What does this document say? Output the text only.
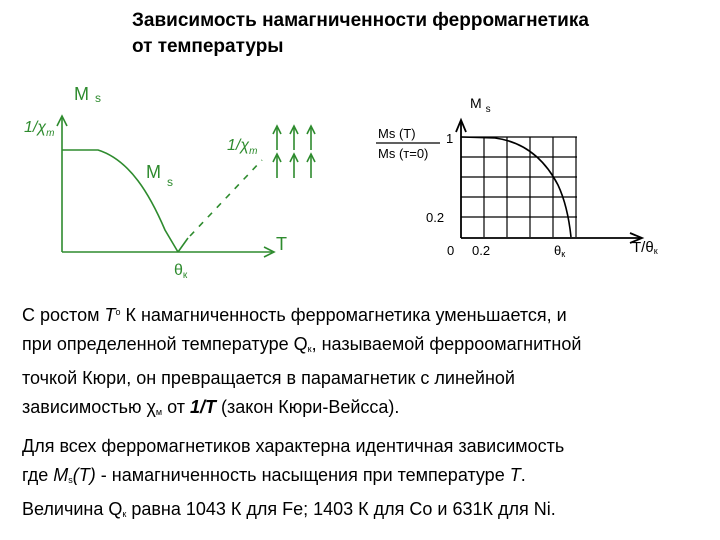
Зависимость намагниченности ферромагнетика
от температуры
Ms
$1/\chi_m$
M $_s$
$1/\chi_m$
T
θк
M $_s$
Ms (T)
Ms (т=0)
1
0.2
0 0.2	θк	T/θк
С ростом $T^o$ К намагниченность ферромагнетика уменьшается, и
при определенной температуре $Q_к$, называемой ферроомагнитной
точкой Кюри, он превращается в парамагнетик с линейной
зависимостью $\chi_м$ от 1/T (закон Кюри-Вейсса).
Для всех ферромагнетиков характерна идентичная зависимость
где $M_s(T)$ - намагниченность насыщения при температуре T.
Величина $Q_к$ равна 1043 К для Fe; 1403 К для Co и 631К для Ni.
